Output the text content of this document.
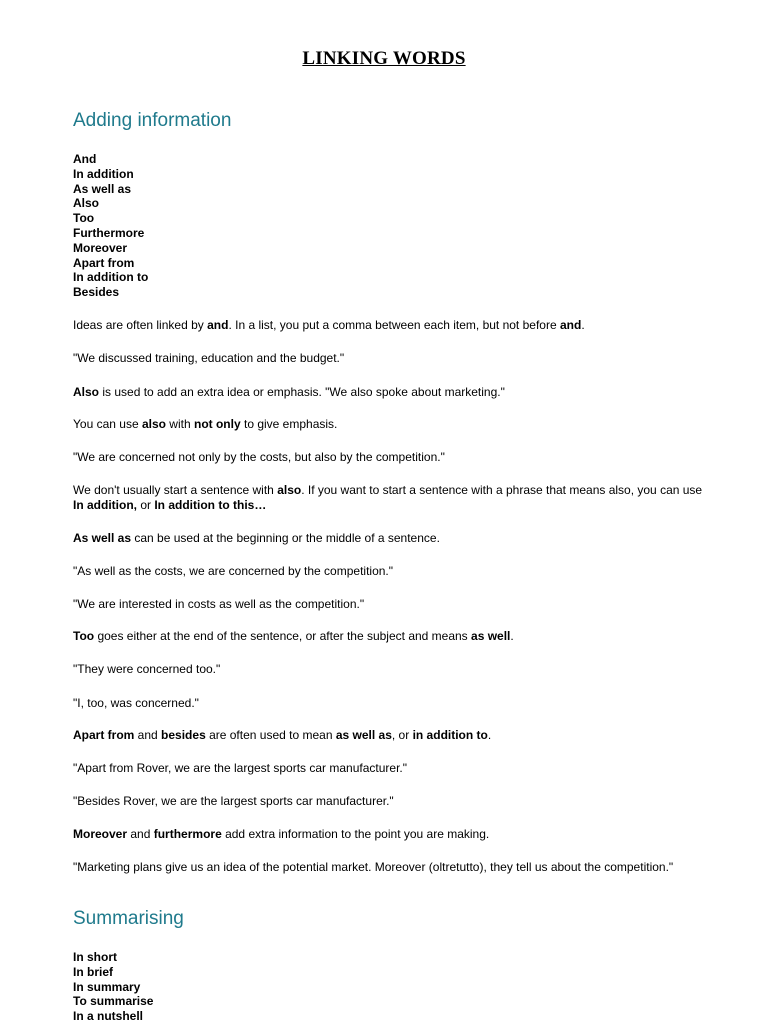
LINKING WORDS
Adding information
And
In addition
As well as
Also
Too
Furthermore
Moreover
Apart from
In addition to
Besides

Ideas are often linked by and. In a list, you put a comma between each item, but not before and.

"We discussed training, education and the budget."

Also is used to add an extra idea or emphasis. "We also spoke about marketing."

You can use also with not only to give emphasis.

"We are concerned not only by the costs, but also by the competition."

We don't usually start a sentence with also. If you want to start a sentence with a phrase that means also, you can use In addition, or In addition to this…

As well as can be used at the beginning or the middle of a sentence.

"As well as the costs, we are concerned by the competition."

"We are interested in costs as well as the competition."

Too goes either at the end of the sentence, or after the subject and means as well.

"They were concerned too."

"I, too, was concerned."

Apart from and besides are often used to mean as well as, or in addition to.

"Apart from Rover, we are the largest sports car manufacturer."

"Besides Rover, we are the largest sports car manufacturer."

Moreover and furthermore add extra information to the point you are making.

"Marketing plans give us an idea of the potential market. Moreover (oltretutto), they tell us about the competition."

Summarising
In short
In brief
In summary
To summarise
In a nutshell
